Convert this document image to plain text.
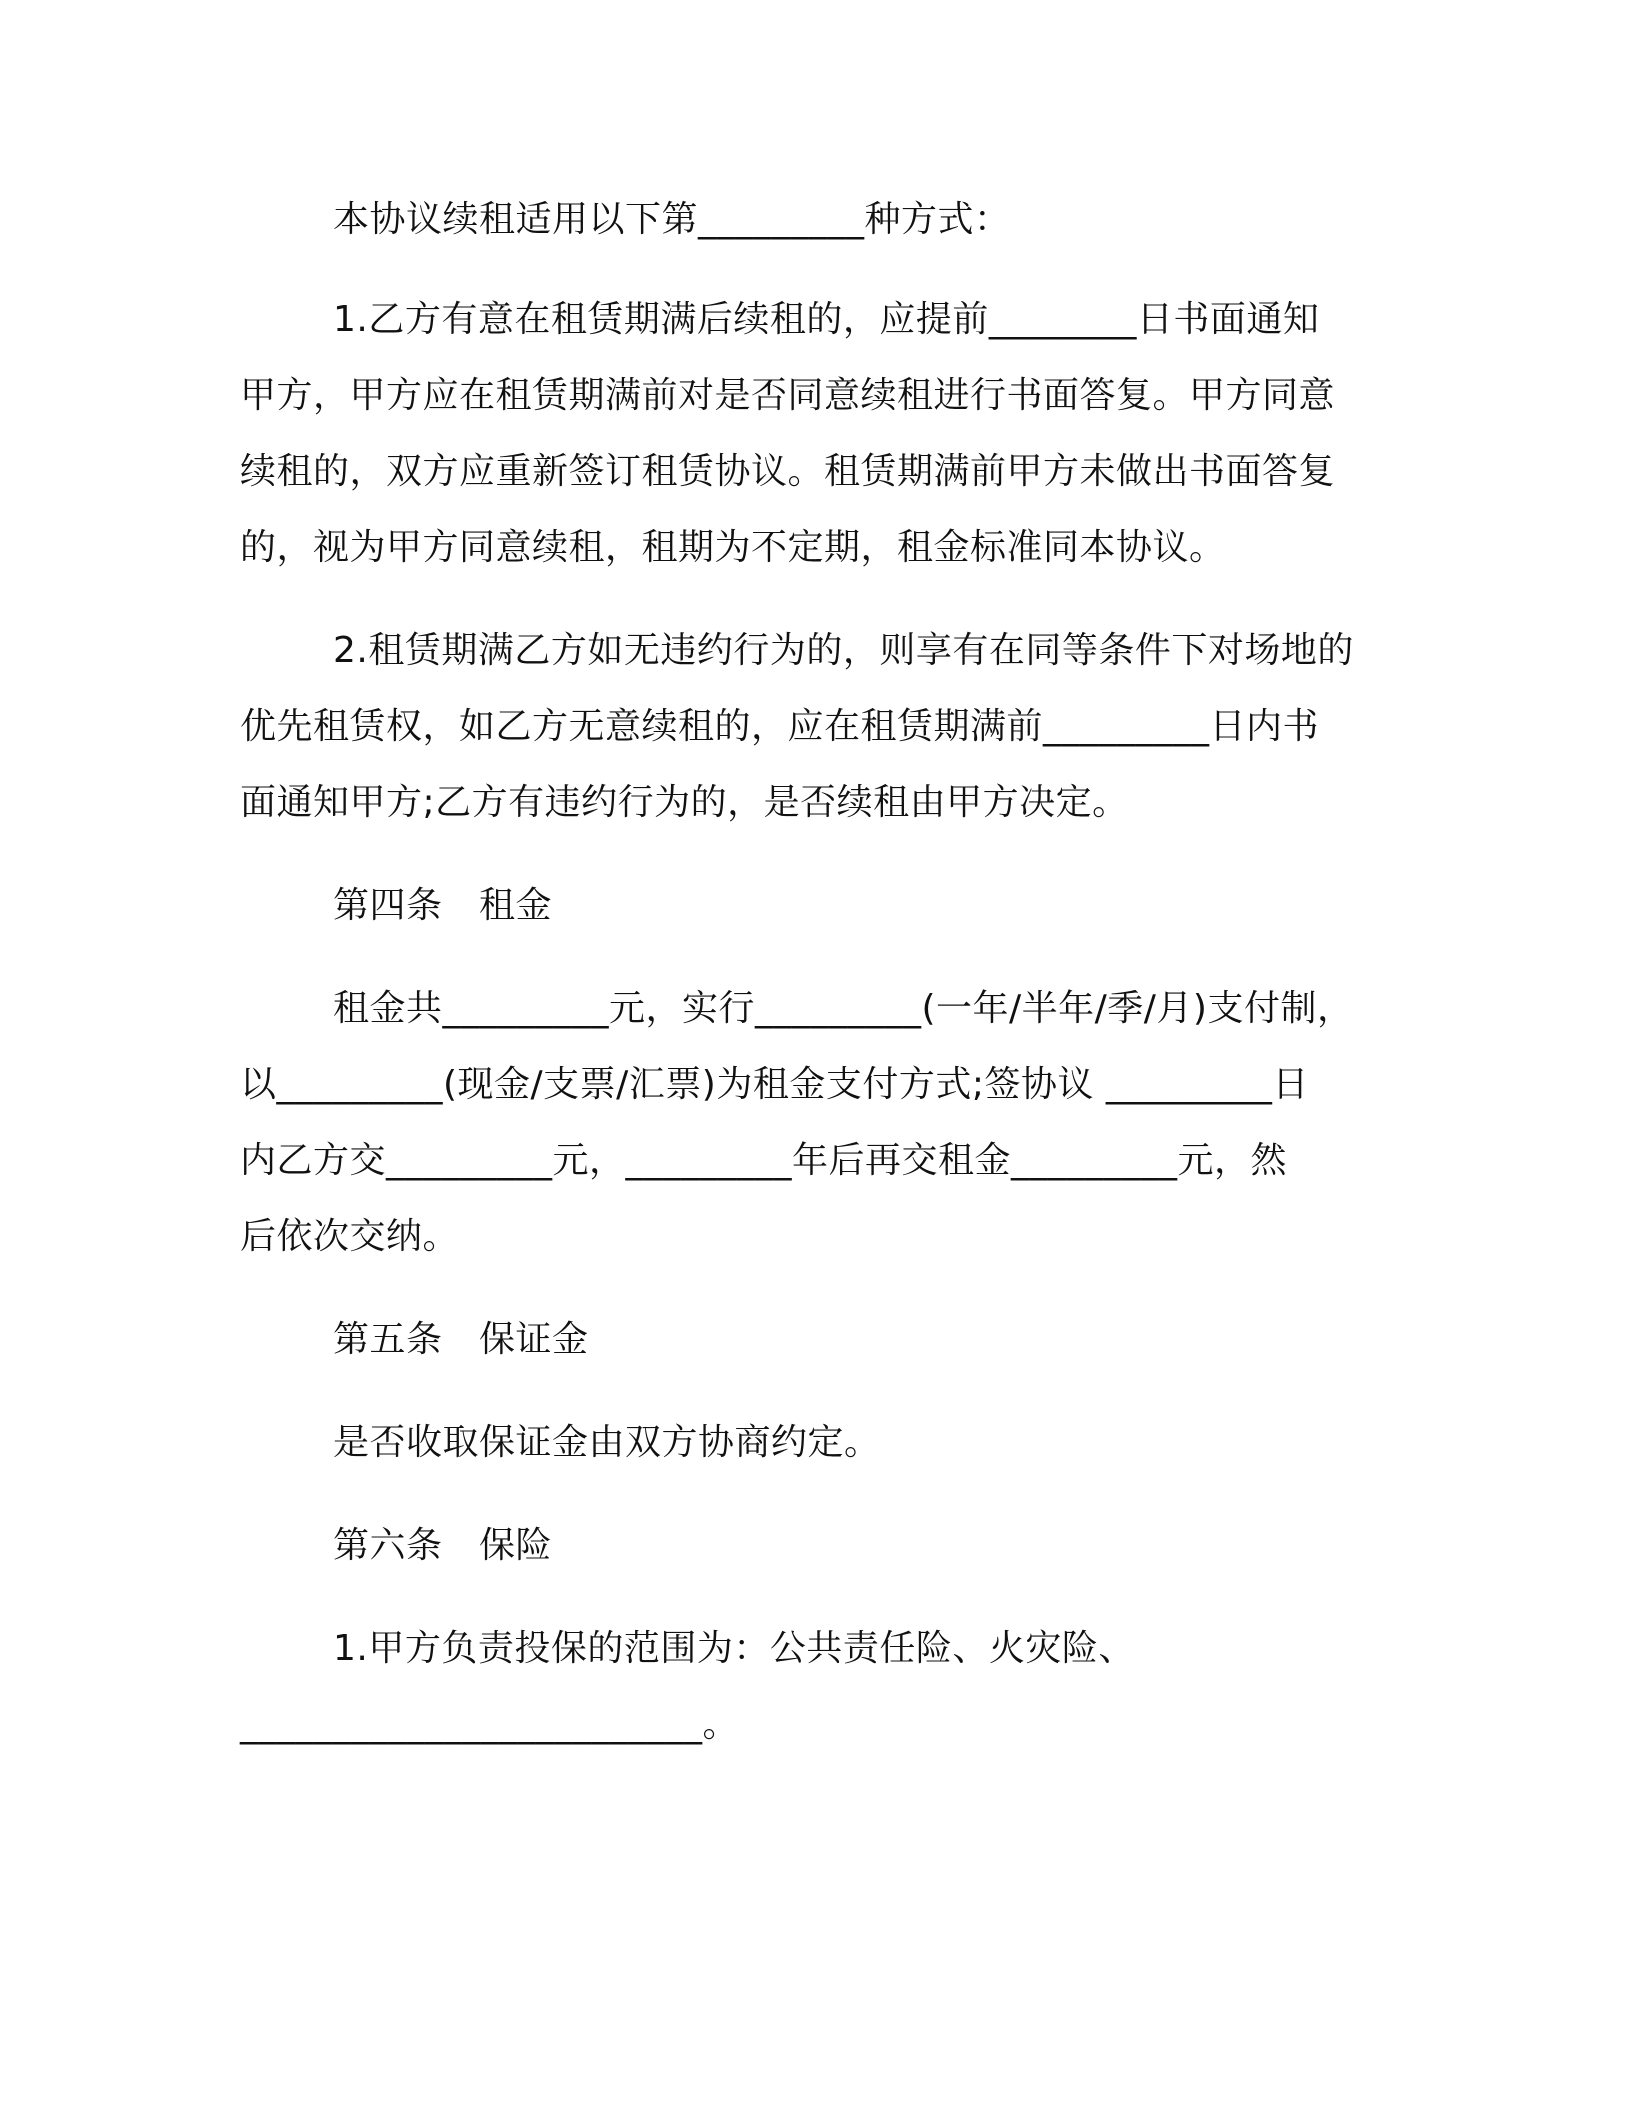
本协议续租适用以下第_________种方式：
1.乙方有意在租赁期满后续租的，应提前________日书面通知
甲方，甲方应在租赁期满前对是否同意续租进行书面答复。甲方同意
续租的，双方应重新签订租赁协议。租赁期满前甲方未做出书面答复
的，视为甲方同意续租，租期为不定期，租金标准同本协议。
2.租赁期满乙方如无违约行为的，则享有在同等条件下对场地的
优先租赁权，如乙方无意续租的，应在租赁期满前_________日内书
面通知甲方;乙方有违约行为的，是否续租由甲方决定。
第四条　租金
租金共_________元，实行_________(一年/半年/季/月)支付制，
以_________(现金/支票/汇票)为租金支付方式;签协议 _________日
内乙方交_________元，_________年后再交租金_________元，然
后依次交纳。
第五条　保证金
是否收取保证金由双方协商约定。
第六条　保险
1.甲方负责投保的范围为：公共责任险、火灾险、
_________________________。
